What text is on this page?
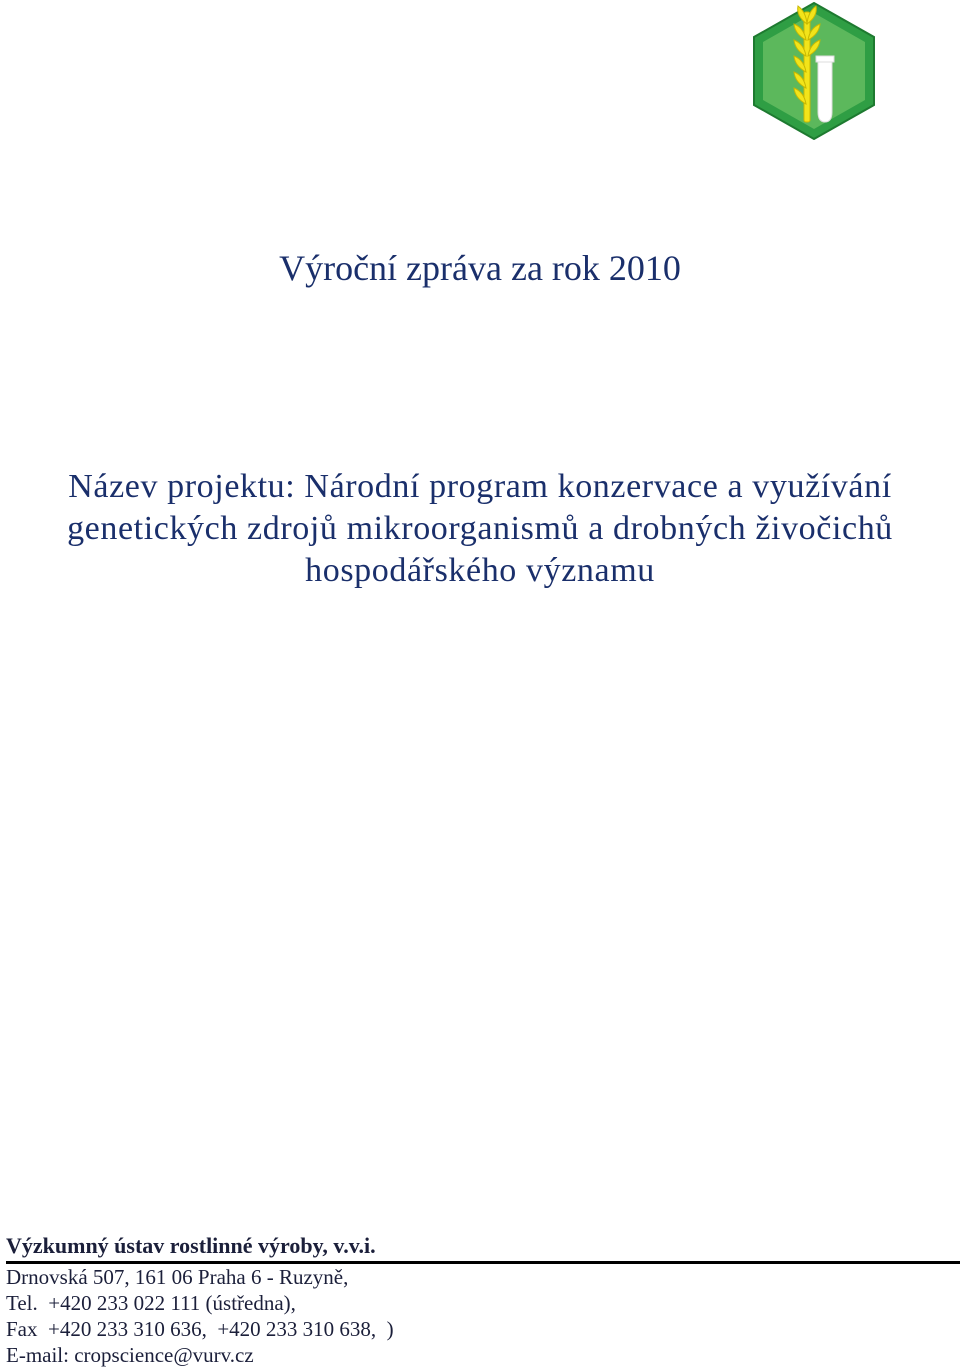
Výroční zpráva za rok 2010
Název projektu: Národní program konzervace a využívání
genetických zdrojů mikroorganismů a drobných živočichů
hospodářského významu
Výzkumný ústav rostlinné výroby, v.v.i.
Drnovská 507, 161 06 Praha 6 - Ruzyně,
Tel.  +420 233 022 111 (ústředna),
Fax  +420 233 310 636,  +420 233 310 638,  )
E-mail: cropscience@vurv.cz
